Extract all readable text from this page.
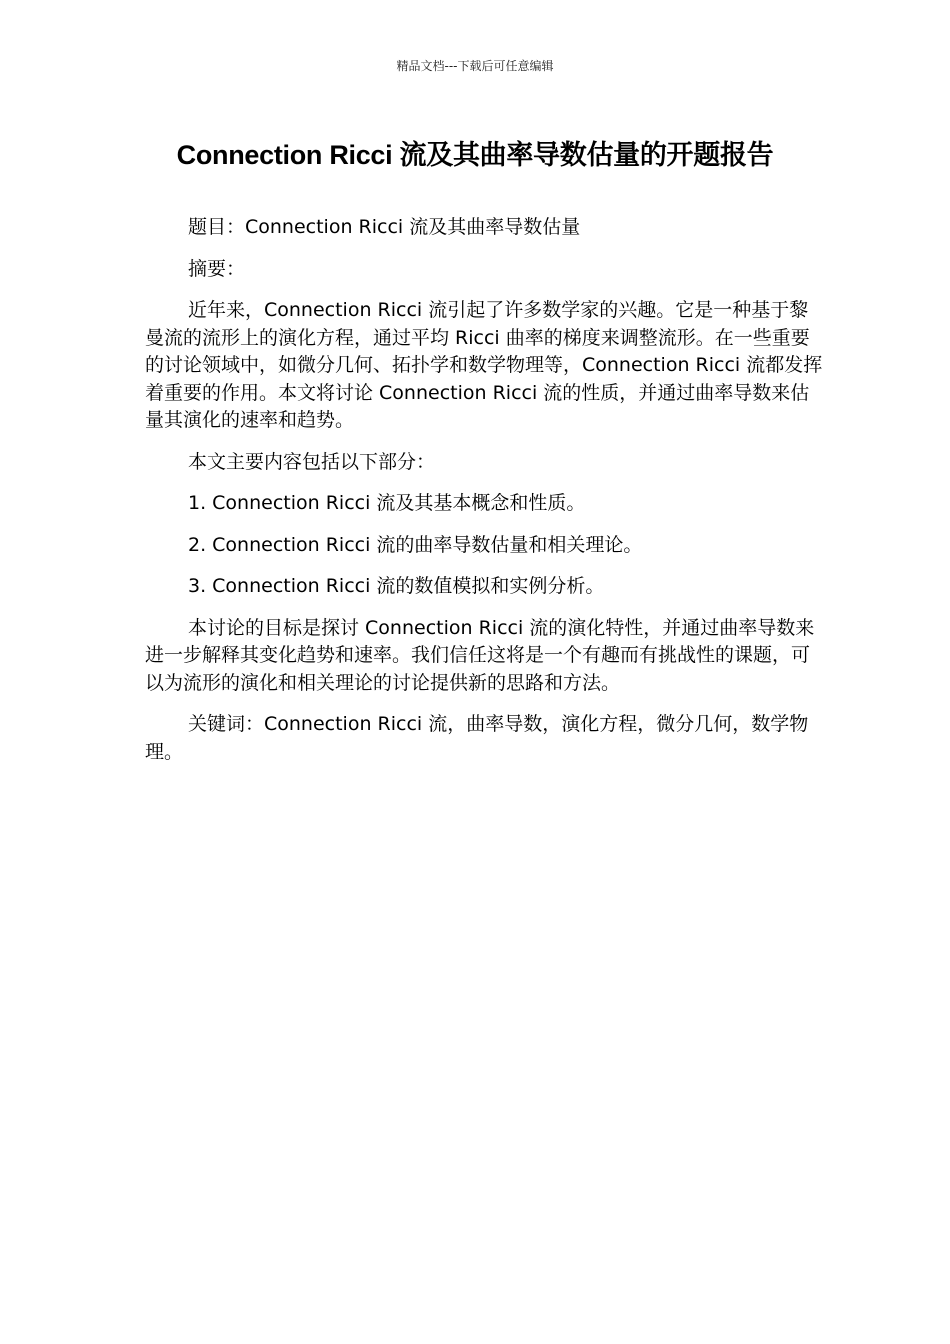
精品文档---下载后可任意编辑
Connection Ricci 流及其曲率导数估量的开题报告

题目：Connection Ricci 流及其曲率导数估量

摘要：

近年来，Connection Ricci 流引起了许多数学家的兴趣。它是一种基于黎曼流的流形上的演化方程，通过平均 Ricci 曲率的梯度来调整流形。在一些重要的讨论领域中，如微分几何、拓扑学和数学物理等，Connection Ricci 流都发挥着重要的作用。本文将讨论 Connection Ricci 流的性质，并通过曲率导数来估量其演化的速率和趋势。

本文主要内容包括以下部分：

1. Connection Ricci 流及其基本概念和性质。

2. Connection Ricci 流的曲率导数估量和相关理论。

3. Connection Ricci 流的数值模拟和实例分析。

本讨论的目标是探讨 Connection Ricci 流的演化特性，并通过曲率导数来进一步解释其变化趋势和速率。我们信任这将是一个有趣而有挑战性的课题，可以为流形的演化和相关理论的讨论提供新的思路和方法。

关键词：Connection Ricci 流，曲率导数，演化方程，微分几何，数学物理。
